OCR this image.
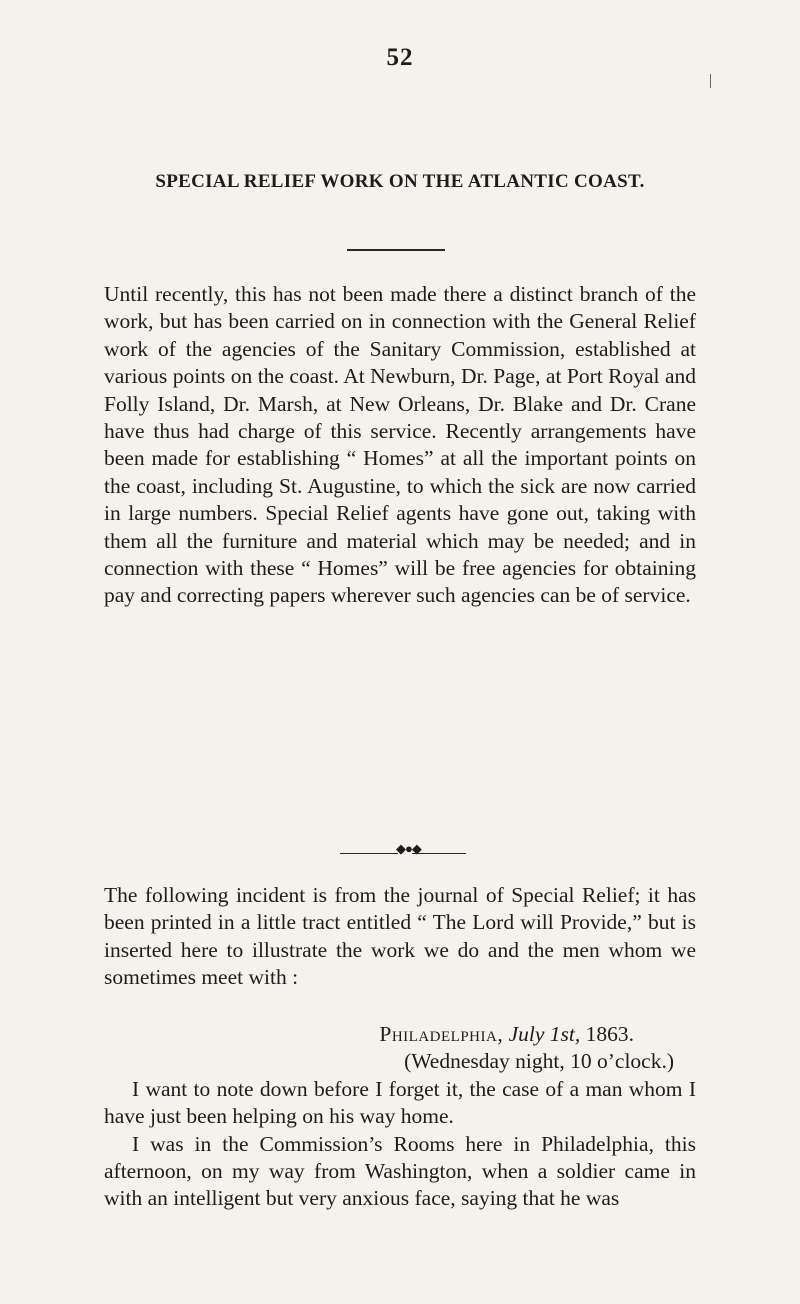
52
SPECIAL RELIEF WORK ON THE ATLANTIC COAST.

Until recently, this has not been made there a distinct branch of the work, but has been carried on in connection with the General Relief work of the agencies of the Sanitary Commission, established at various points on the coast. At Newburn, Dr. Page, at Port Royal and Folly Island, Dr. Marsh, at New Orleans, Dr. Blake and Dr. Crane have thus had charge of this service. Recently arrangements have been made for establishing “ Homes” at all the important points on the coast, including St. Augustine, to which the sick are now carried in large numbers. Special Relief agents have gone out, taking with them all the furniture and material which may be needed; and in connection with these “ Homes” will be free agencies for obtaining pay and correcting papers wherever such agencies can be of service.

◆●◆

The following incident is from the journal of Special Relief; it has been printed in a little tract entitled “ The Lord will Provide,” but is inserted here to illustrate the work we do and the men whom we sometimes meet with :

Philadelphia, July 1st, 1863.

(Wednesday night, 10 o’clock.)

I want to note down before I forget it, the case of a man whom I have just been helping on his way home.

I was in the Commission’s Rooms here in Philadelphia, this afternoon, on my way from Washington, when a soldier came in with an intelligent but very anxious face, saying that he was
